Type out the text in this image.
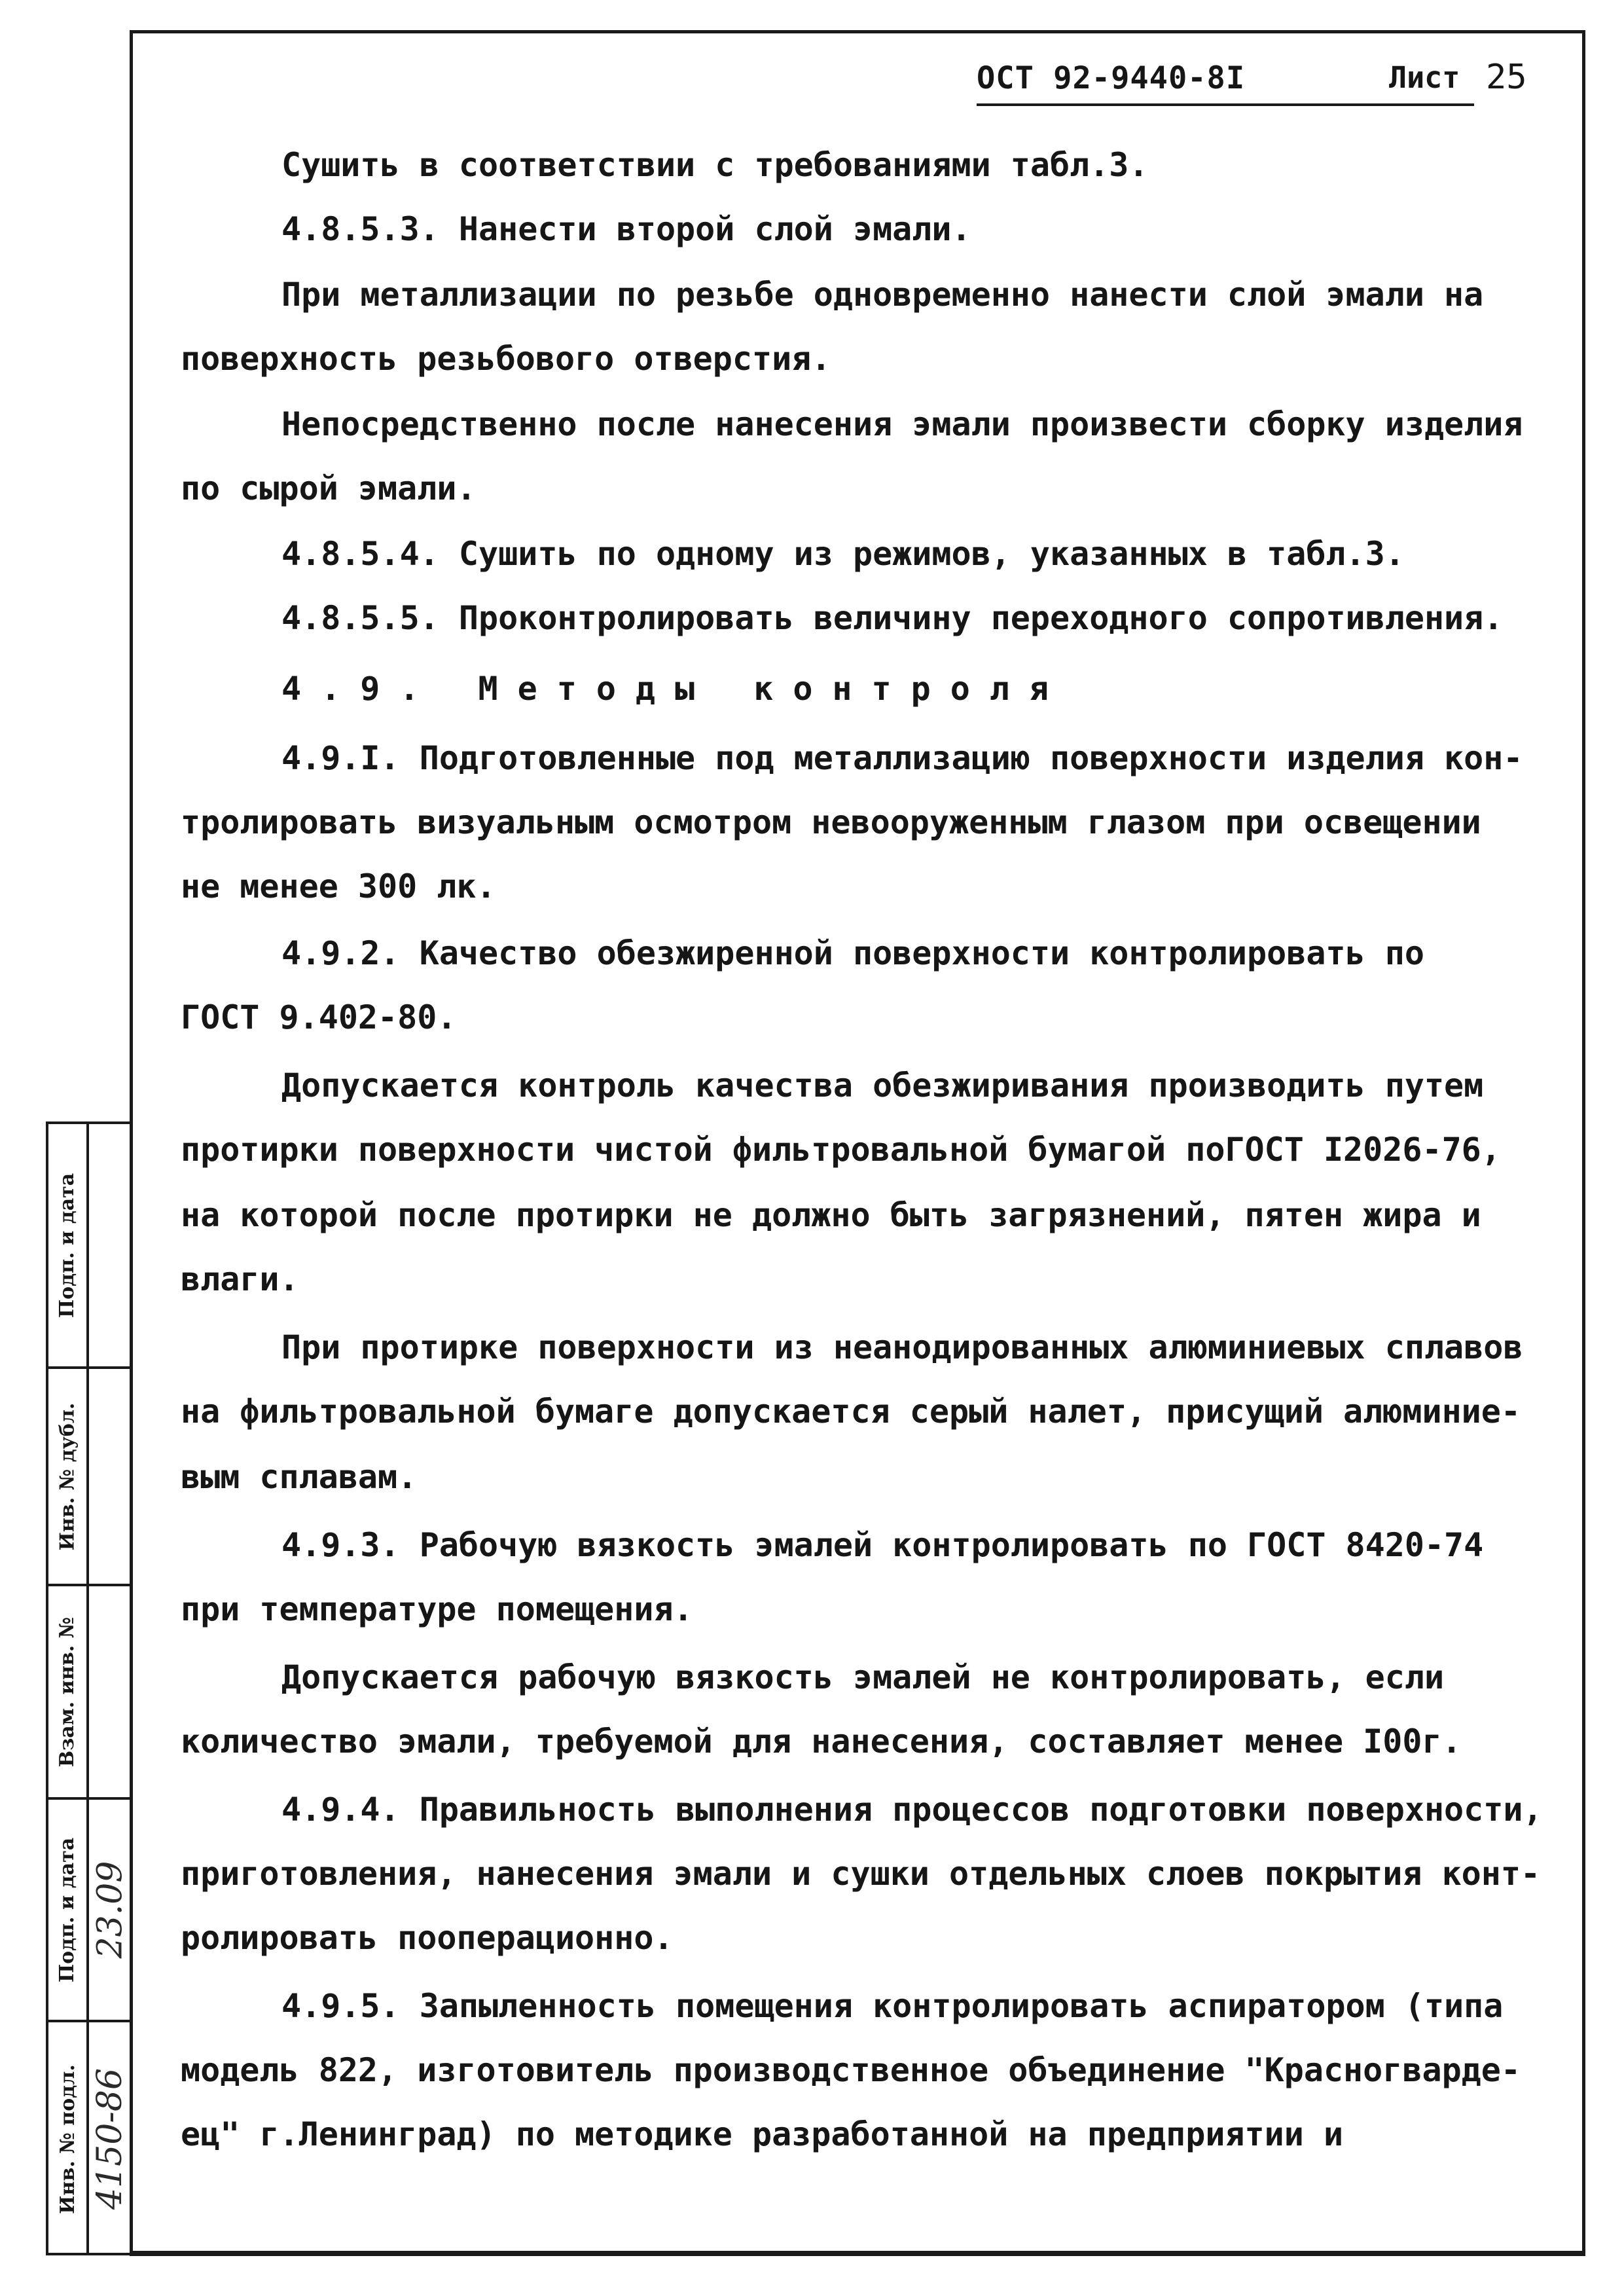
ОСТ 92-9440-8I	Лист 25
Сушить в соответствии с требованиями табл.3.
4.8.5.3. Нанести второй слой эмали.
При металлизации по резьбе одновременно нанести слой эмали на
поверхность резьбового отверстия.
Непосредственно после нанесения эмали произвести сборку изделия
по сырой эмали.
4.8.5.4. Сушить по одному из режимов, указанных в табл.3.
4.8.5.5. Проконтролировать величину переходного сопротивления.
4.9. Методы контроля
4.9.I. Подготовленные под металлизацию поверхности изделия кон-
тролировать визуальным осмотром невооруженным глазом при освещении
не менее 300 лк.
4.9.2. Качество обезжиренной поверхности контролировать по
ГОСТ 9.402-80.
Допускается контроль качества обезжиривания производить путем
протирки поверхности чистой фильтровальной бумагой поГОСТ I2026-76,
на которой после протирки не должно быть загрязнений, пятен жира и
влаги.
При протирке поверхности из неанодированных алюминиевых сплавов
на фильтровальной бумаге допускается серый налет, присущий алюминие-
вым сплавам.
4.9.3. Рабочую вязкость эмалей контролировать по ГОСТ 8420-74
при температуре помещения.
Допускается рабочую вязкость эмалей не контролировать, если
количество эмали, требуемой для нанесения, составляет менее I00г.
4.9.4. Правильность выполнения процессов подготовки поверхности,
приготовления, нанесения эмали и сушки отдельных слоев покрытия конт-
ролировать пооперационно.
4.9.5. Запыленность помещения контролировать аспиратором (типа
модель 822, изготовитель производственное объединение "Красногварде-
ец" г.Ленинград) по методике разработанной на предприятии и
Подп. и дата
Инв. № дубл.
Взам. инв. №
Подп. и дата 23.09
Инв. № подл. 4150-86
